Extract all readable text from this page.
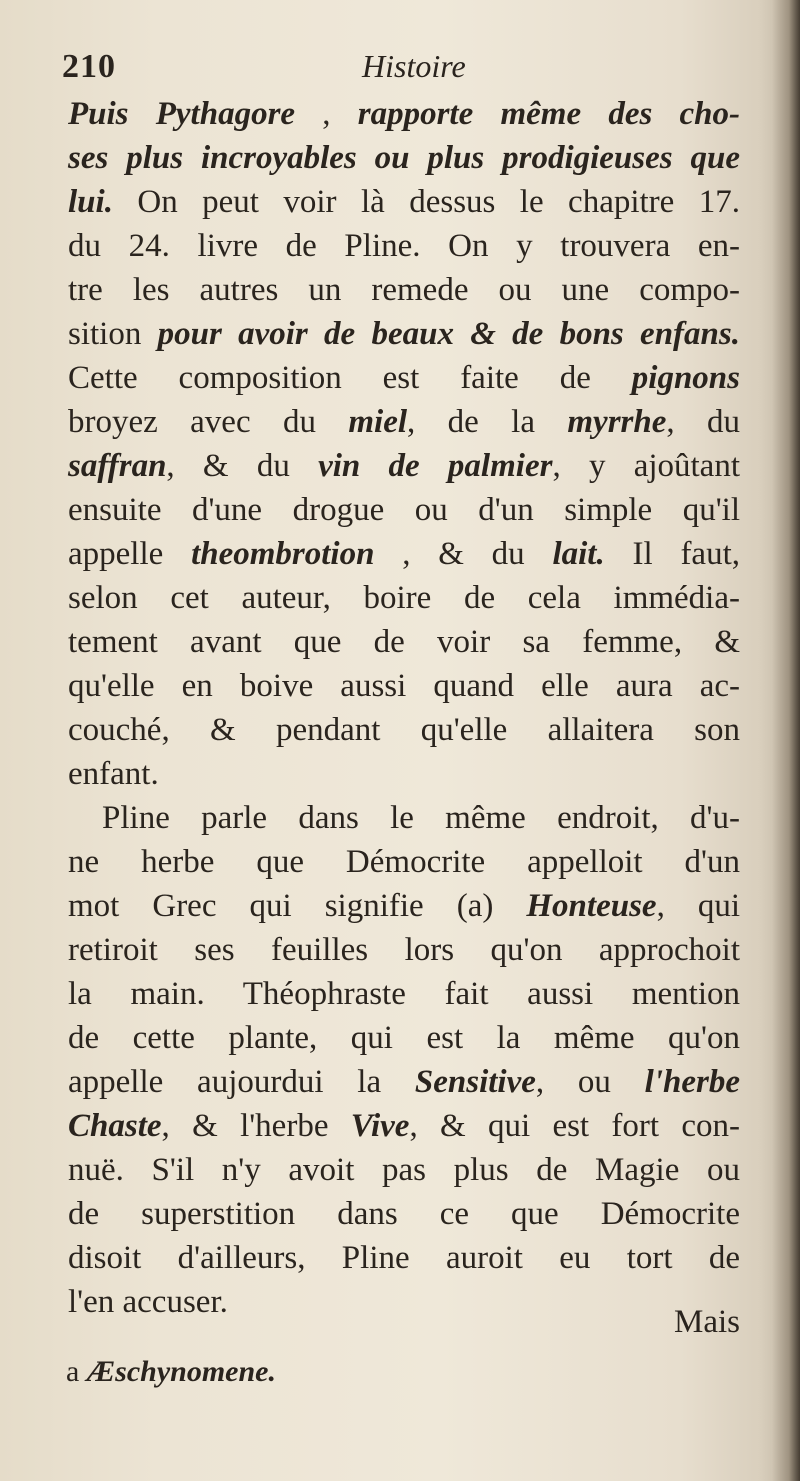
210	Histoire
Puis Pythagore , rapporte même des cho-
ses plus incroyables ou plus prodigieuses que
lui. On peut voir là dessus le chapitre 17.
du 24. livre de Pline. On y trouvera en-
tre les autres un remede ou une compo-
sition pour avoir de beaux & de bons enfans.
Cette composition est faite de pignons
broyez avec du miel, de la myrrhe, du
saffran, & du vin de palmier, y ajoûtant
ensuite d'une drogue ou d'un simple qu'il
appelle theombrotion , & du lait. Il faut,
selon cet auteur, boire de cela immédia-
tement avant que de voir sa femme, &
qu'elle en boive aussi quand elle aura ac-
couché, & pendant qu'elle allaitera son
enfant.
Pline parle dans le même endroit, d'u-
ne herbe que Démocrite appelloit d'un
mot Grec qui signifie (a) Honteuse, qui
retiroit ses feuilles lors qu'on approchoit
la main. Théophraste fait aussi mention
de cette plante, qui est la même qu'on
appelle aujourdui la Sensitive, ou l'herbe
Chaste, & l'herbe Vive, & qui est fort con-
nuë. S'il n'y avoit pas plus de Magie ou
de superstition dans ce que Démocrite
disoit d'ailleurs, Pline auroit eu tort de
l'en accuser.
Mais
a Æschynomene.
